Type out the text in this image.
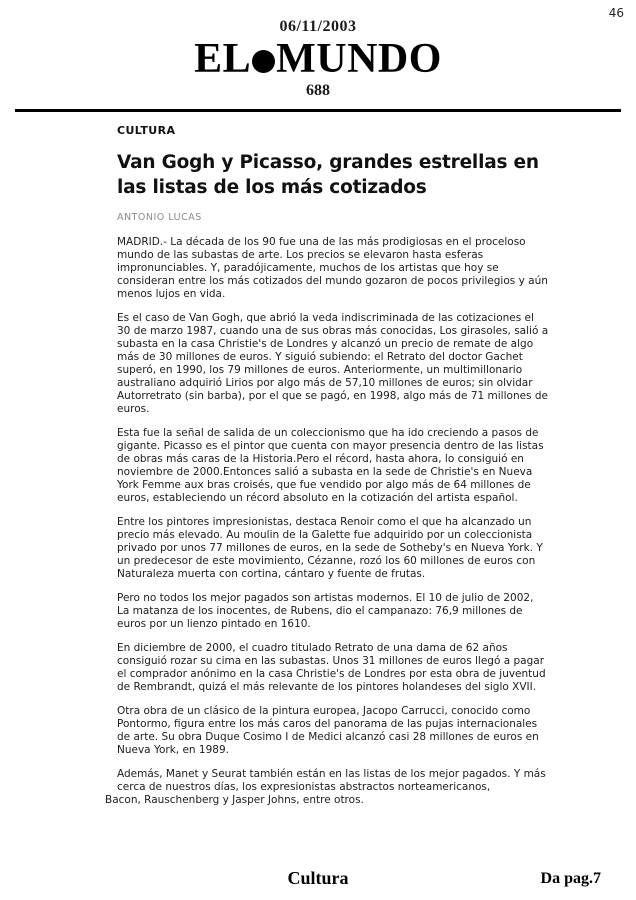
46
06/11/2003
EL MUNDO
688
CULTURA
Van Gogh y Picasso, grandes estrellas en las listas de los más cotizados
ANTONIO LUCAS

MADRID.- La década de los 90 fue una de las más prodigiosas en el proceloso mundo de las subastas de arte. Los precios se elevaron hasta esferas impronunciables. Y, paradójicamente, muchos de los artistas que hoy se consideran entre los más cotizados del mundo gozaron de pocos privilegios y aún menos lujos en vida.

Es el caso de Van Gogh, que abrió la veda indiscriminada de las cotizaciones el 30 de marzo 1987, cuando una de sus obras más conocidas, Los girasoles, salió a subasta en la casa Christie's de Londres y alcanzó un precio de remate de algo más de 30 millones de euros. Y siguió subiendo: el Retrato del doctor Gachet superó, en 1990, los 79 millones de euros. Anteriormente, un multimillonario australiano adquirió Lirios por algo más de 57,10 millones de euros; sin olvidar Autorretrato (sin barba), por el que se pagó, en 1998, algo más de 71 millones de euros.

Esta fue la señal de salida de un coleccionismo que ha ido creciendo a pasos de gigante. Picasso es el pintor que cuenta con mayor presencia dentro de las listas de obras más caras de la Historia.Pero el récord, hasta ahora, lo consiguió en noviembre de 2000.Entonces salió a subasta en la sede de Christie's en Nueva York Femme aux bras croisés, que fue vendido por algo más de 64 millones de euros, estableciendo un récord absoluto en la cotización del artista español.

Entre los pintores impresionistas, destaca Renoir como el que ha alcanzado un precio más elevado. Au moulin de la Galette fue adquirido por un coleccionista privado por unos 77 millones de euros, en la sede de Sotheby's en Nueva York. Y un predecesor de este movimiento, Cézanne, rozó los 60 millones de euros con Naturaleza muerta con cortina, cántaro y fuente de frutas.

Pero no todos los mejor pagados son artistas modernos. El 10 de julio de 2002, La matanza de los inocentes, de Rubens, dio el campanazo: 76,9 millones de euros por un lienzo pintado en 1610.

En diciembre de 2000, el cuadro titulado Retrato de una dama de 62 años consiguió rozar su cima en las subastas. Unos 31 millones de euros llegó a pagar el comprador anónimo en la casa Christie's de Londres por esta obra de juventud de Rembrandt, quizá el más relevante de los pintores holandeses del siglo XVII.

Otra obra de un clásico de la pintura europea, Jacopo Carrucci, conocido como Pontormo, figura entre los más caros del panorama de las pujas internacionales de arte. Su obra Duque Cosimo I de Medici alcanzó casi 28 millones de euros en Nueva York, en 1989.

Además, Manet y Seurat también están en las listas de los mejor pagados. Y más cerca de nuestros días, los expresionistas abstractos norteamericanos,

Bacon, Rauschenberg y Jasper Johns, entre otros.

Cultura	Da pag.7
